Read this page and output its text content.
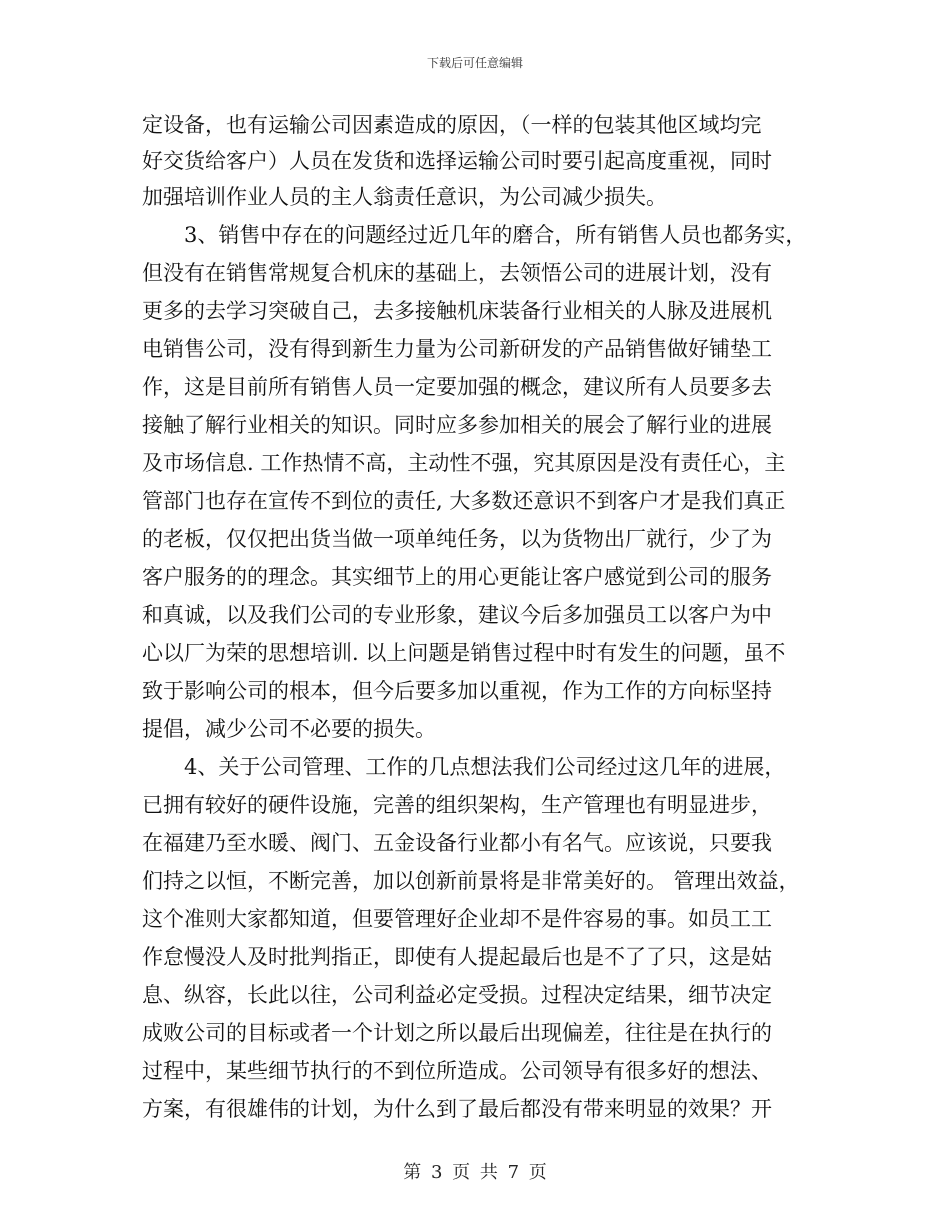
下载后可任意编辑
定设备，也有运输公司因素造成的原因，（一样的包装其他区域均完
好交货给客户）人员在发货和选择运输公司时要引起高度重视，同时
加强培训作业人员的主人翁责任意识，为公司减少损失。
　　3、销售中存在的问题经过近几年的磨合，所有销售人员也都务实，
但没有在销售常规复合机床的基础上，去领悟公司的进展计划，没有
更多的去学习突破自己，去多接触机床装备行业相关的人脉及进展机
电销售公司，没有得到新生力量为公司新研发的产品销售做好铺垫工
作，这是目前所有销售人员一定要加强的概念，建议所有人员要多去
接触了解行业相关的知识。同时应多参加相关的展会了解行业的进展
及市场信息. 工作热情不高，主动性不强，究其原因是没有责任心，主
管部门也存在宣传不到位的责任, 大多数还意识不到客户才是我们真正
的老板，仅仅把出货当做一项单纯任务，以为货物出厂就行，少了为
客户服务的的理念。其实细节上的用心更能让客户感觉到公司的服务
和真诚，以及我们公司的专业形象，建议今后多加强员工以客户为中
心以厂为荣的思想培训. 以上问题是销售过程中时有发生的问题，虽不
致于影响公司的根本，但今后要多加以重视，作为工作的方向标坚持
提倡，减少公司不必要的损失。
　　4、关于公司管理、工作的几点想法我们公司经过这几年的进展，
已拥有较好的硬件设施，完善的组织架构，生产管理也有明显进步，
在福建乃至水暖、阀门、五金设备行业都小有名气。应该说，只要我
们持之以恒，不断完善，加以创新前景将是非常美好的。 管理出效益，
这个准则大家都知道，但要管理好企业却不是件容易的事。如员工工
作怠慢没人及时批判指正，即使有人提起最后也是不了了只，这是姑
息、纵容，长此以往，公司利益必定受损。过程决定结果，细节决定
成败公司的目标或者一个计划之所以最后出现偏差，往往是在执行的
过程中，某些细节执行的不到位所造成。公司领导有很多好的想法、
方案，有很雄伟的计划，为什么到了最后都没有带来明显的效果？开
第 3 页 共 7 页
